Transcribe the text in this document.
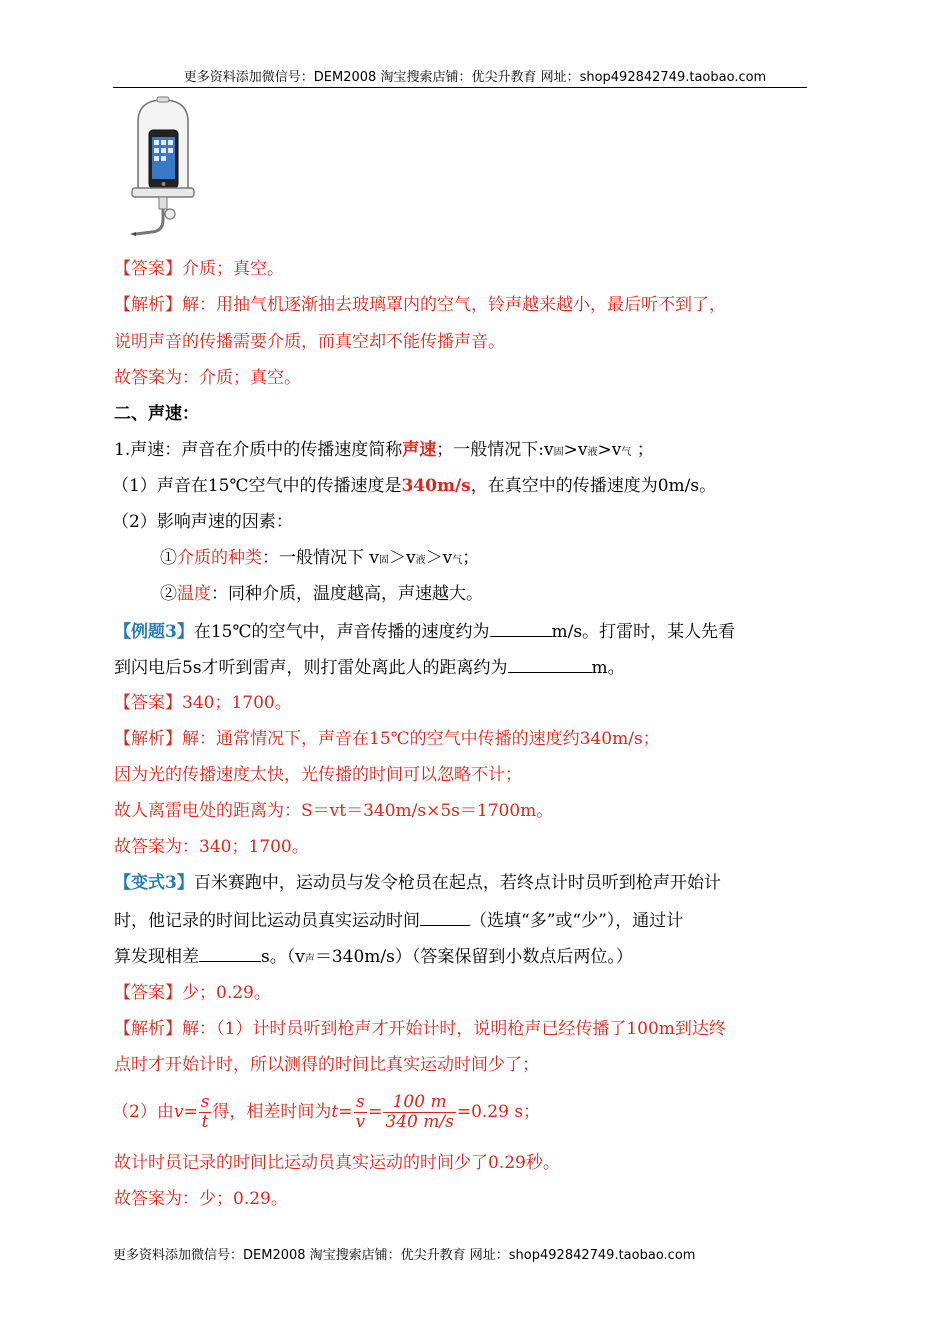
更多资料添加微信号：DEM2008 淘宝搜索店铺：优尖升教育 网址：shop492842749.taobao.com
【答案】介质；真空。
【解析】解：用抽气机逐渐抽去玻璃罩内的空气，铃声越来越小，最后听不到了，
说明声音的传播需要介质，而真空却不能传播声音。
故答案为：介质；真空。
二、声速：
1.声速：声音在介质中的传播速度简称声速；一般情况下:v固>v液>v气 ；
（1）声音在15℃空气中的传播速度是340m/s，在真空中的传播速度为0m/s。
（2）影响声速的因素：
①介质的种类：一般情况下 v固＞v液＞v气；
②温度：同种介质，温度越高，声速越大。
【例题3】在15℃的空气中，声音传播的速度约为	m/s。打雷时，某人先看
到闪电后5s才听到雷声，则打雷处离此人的距离约为	m。
【答案】340；1700。
【解析】解：通常情况下，声音在15℃的空气中传播的速度约340m/s；
因为光的传播速度太快，光传播的时间可以忽略不计；
故人离雷电处的距离为：S＝vt＝340m/s×5s＝1700m。
故答案为：340；1700。
【变式3】百米赛跑中，运动员与发令枪员在起点，若终点计时员听到枪声开始计
时，他记录的时间比运动员真实运动时间	（选填“多”或“少”），通过计
算发现相差	s。（v声＝340m/s）（答案保留到小数点后两位。）
【答案】少；0.29。
【解析】解：（1）计时员听到枪声才开始计时，说明枪声已经传播了100m到达终
点时才开始计时，所以测得的时间比真实运动时间少了；
（2）由$v= \frac{s}{t}$ 得，相差时间为$t= \frac{s}{v} = \frac{100 m}{340 m/s} =0.29$ s；
故计时员记录的时间比运动员真实运动的时间少了0.29秒。
故答案为：少；0.29。
更多资料添加微信号：DEM2008 淘宝搜索店铺：优尖升教育 网址：shop492842749.taobao.com
